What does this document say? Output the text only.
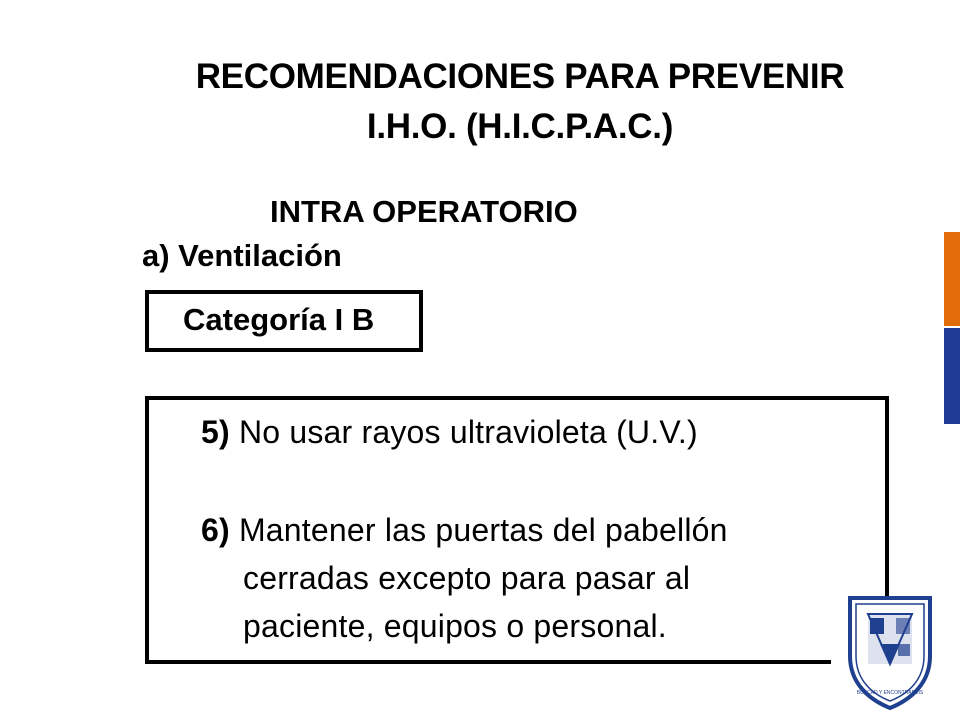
RECOMENDACIONES PARA PREVENIR
I.H.O. (H.I.C.P.A.C.)
INTRA OPERATORIO
a) Ventilación
Categoría I B
5) No usar rayos ultravioleta (U.V.)
6) Mantener las puertas del pabellón
cerradas excepto para pasar al
paciente, equipos o personal.
BUSCAD Y ENCONTRARÉIS
